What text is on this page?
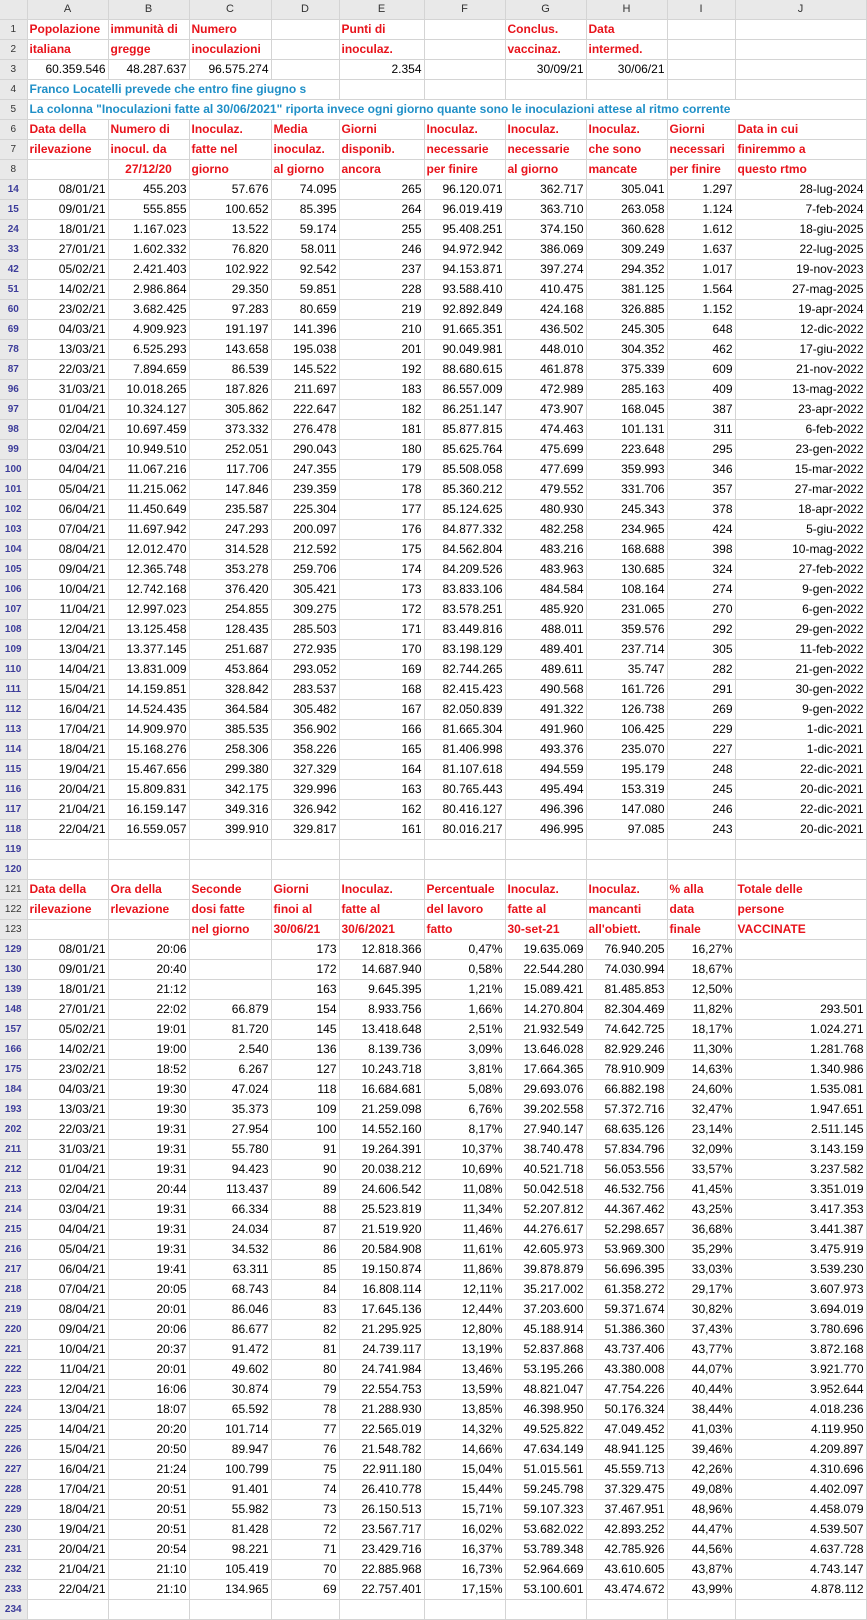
	A	B	C	D	E	F	G	H	I	J
1	Popolazione	immunità di	Numero		Punti di		Conclus.	Data		
2	italiana	gregge	inoculazioni		inoculaz.		vaccinaz.	intermed.		
3	60.359.546	48.287.637	96.575.274		2.354		30/09/21	30/06/21		
4	Franco Locatelli prevede che entro fine giugno s									
5	La colonna "Inoculazioni fatte al 30/06/2021" riporta invece ogni giorno quante sono le inoculazioni attese al ritmo corrente									
6	Data della	Numero di	Inoculaz.	Media	Giorni	Inoculaz.	Inoculaz.	Inoculaz.	Giorni	Data in cui
7	rilevazione	inocul. da	fatte nel	inoculaz.	disponib.	necessarie	necessarie	che sono	necessari	finiremmo a
8		27/12/20	giorno	al giorno	ancora	per finire	al giorno	mancate	per finire	questo rtmo
14	08/01/21	455.203	57.676	74.095	265	96.120.071	362.717	305.041	1.297	28-lug-2024
15	09/01/21	555.855	100.652	85.395	264	96.019.419	363.710	263.058	1.124	7-feb-2024
24	18/01/21	1.167.023	13.522	59.174	255	95.408.251	374.150	360.628	1.612	18-giu-2025
33	27/01/21	1.602.332	76.820	58.011	246	94.972.942	386.069	309.249	1.637	22-lug-2025
42	05/02/21	2.421.403	102.922	92.542	237	94.153.871	397.274	294.352	1.017	19-nov-2023
51	14/02/21	2.986.864	29.350	59.851	228	93.588.410	410.475	381.125	1.564	27-mag-2025
60	23/02/21	3.682.425	97.283	80.659	219	92.892.849	424.168	326.885	1.152	19-apr-2024
69	04/03/21	4.909.923	191.197	141.396	210	91.665.351	436.502	245.305	648	12-dic-2022
78	13/03/21	6.525.293	143.658	195.038	201	90.049.981	448.010	304.352	462	17-giu-2022
87	22/03/21	7.894.659	86.539	145.522	192	88.680.615	461.878	375.339	609	21-nov-2022
96	31/03/21	10.018.265	187.826	211.697	183	86.557.009	472.989	285.163	409	13-mag-2022
97	01/04/21	10.324.127	305.862	222.647	182	86.251.147	473.907	168.045	387	23-apr-2022
98	02/04/21	10.697.459	373.332	276.478	181	85.877.815	474.463	101.131	311	6-feb-2022
99	03/04/21	10.949.510	252.051	290.043	180	85.625.764	475.699	223.648	295	23-gen-2022
100	04/04/21	11.067.216	117.706	247.355	179	85.508.058	477.699	359.993	346	15-mar-2022
101	05/04/21	11.215.062	147.846	239.359	178	85.360.212	479.552	331.706	357	27-mar-2022
102	06/04/21	11.450.649	235.587	225.304	177	85.124.625	480.930	245.343	378	18-apr-2022
103	07/04/21	11.697.942	247.293	200.097	176	84.877.332	482.258	234.965	424	5-giu-2022
104	08/04/21	12.012.470	314.528	212.592	175	84.562.804	483.216	168.688	398	10-mag-2022
105	09/04/21	12.365.748	353.278	259.706	174	84.209.526	483.963	130.685	324	27-feb-2022
106	10/04/21	12.742.168	376.420	305.421	173	83.833.106	484.584	108.164	274	9-gen-2022
107	11/04/21	12.997.023	254.855	309.275	172	83.578.251	485.920	231.065	270	6-gen-2022
108	12/04/21	13.125.458	128.435	285.503	171	83.449.816	488.011	359.576	292	29-gen-2022
109	13/04/21	13.377.145	251.687	272.935	170	83.198.129	489.401	237.714	305	11-feb-2022
110	14/04/21	13.831.009	453.864	293.052	169	82.744.265	489.611	35.747	282	21-gen-2022
111	15/04/21	14.159.851	328.842	283.537	168	82.415.423	490.568	161.726	291	30-gen-2022
112	16/04/21	14.524.435	364.584	305.482	167	82.050.839	491.322	126.738	269	9-gen-2022
113	17/04/21	14.909.970	385.535	356.902	166	81.665.304	491.960	106.425	229	1-dic-2021
114	18/04/21	15.168.276	258.306	358.226	165	81.406.998	493.376	235.070	227	1-dic-2021
115	19/04/21	15.467.656	299.380	327.329	164	81.107.618	494.559	195.179	248	22-dic-2021
116	20/04/21	15.809.831	342.175	329.996	163	80.765.443	495.494	153.319	245	20-dic-2021
117	21/04/21	16.159.147	349.316	326.942	162	80.416.127	496.396	147.080	246	22-dic-2021
118	22/04/21	16.559.057	399.910	329.817	161	80.016.217	496.995	97.085	243	20-dic-2021
119										
120										
121	Data della	Ora della	Seconde	Giorni	Inoculaz.	Percentuale	Inoculaz.	Inoculaz.	% alla	Totale delle
122	rilevazione	rlevazione	dosi fatte	finoi al	fatte al	del lavoro	fatte al	mancanti	data	persone
123			nel giorno	30/06/21	30/6/2021	fatto	30-set-21	all'obiett.	finale	VACCINATE
129	08/01/21	20:06		173	12.818.366	0,47%	19.635.069	76.940.205	16,27%	
130	09/01/21	20:40		172	14.687.940	0,58%	22.544.280	74.030.994	18,67%	
139	18/01/21	21:12		163	9.645.395	1,21%	15.089.421	81.485.853	12,50%	
148	27/01/21	22:02	66.879	154	8.933.756	1,66%	14.270.804	82.304.469	11,82%	293.501
157	05/02/21	19:01	81.720	145	13.418.648	2,51%	21.932.549	74.642.725	18,17%	1.024.271
166	14/02/21	19:00	2.540	136	8.139.736	3,09%	13.646.028	82.929.246	11,30%	1.281.768
175	23/02/21	18:52	6.267	127	10.243.718	3,81%	17.664.365	78.910.909	14,63%	1.340.986
184	04/03/21	19:30	47.024	118	16.684.681	5,08%	29.693.076	66.882.198	24,60%	1.535.081
193	13/03/21	19:30	35.373	109	21.259.098	6,76%	39.202.558	57.372.716	32,47%	1.947.651
202	22/03/21	19:31	27.954	100	14.552.160	8,17%	27.940.147	68.635.126	23,14%	2.511.145
211	31/03/21	19:31	55.780	91	19.264.391	10,37%	38.740.478	57.834.796	32,09%	3.143.159
212	01/04/21	19:31	94.423	90	20.038.212	10,69%	40.521.718	56.053.556	33,57%	3.237.582
213	02/04/21	20:44	113.437	89	24.606.542	11,08%	50.042.518	46.532.756	41,45%	3.351.019
214	03/04/21	19:31	66.334	88	25.523.819	11,34%	52.207.812	44.367.462	43,25%	3.417.353
215	04/04/21	19:31	24.034	87	21.519.920	11,46%	44.276.617	52.298.657	36,68%	3.441.387
216	05/04/21	19:31	34.532	86	20.584.908	11,61%	42.605.973	53.969.300	35,29%	3.475.919
217	06/04/21	19:41	63.311	85	19.150.874	11,86%	39.878.879	56.696.395	33,03%	3.539.230
218	07/04/21	20:05	68.743	84	16.808.114	12,11%	35.217.002	61.358.272	29,17%	3.607.973
219	08/04/21	20:01	86.046	83	17.645.136	12,44%	37.203.600	59.371.674	30,82%	3.694.019
220	09/04/21	20:06	86.677	82	21.295.925	12,80%	45.188.914	51.386.360	37,43%	3.780.696
221	10/04/21	20:37	91.472	81	24.739.117	13,19%	52.837.868	43.737.406	43,77%	3.872.168
222	11/04/21	20:01	49.602	80	24.741.984	13,46%	53.195.266	43.380.008	44,07%	3.921.770
223	12/04/21	16:06	30.874	79	22.554.753	13,59%	48.821.047	47.754.226	40,44%	3.952.644
224	13/04/21	18:07	65.592	78	21.288.930	13,85%	46.398.950	50.176.324	38,44%	4.018.236
225	14/04/21	20:20	101.714	77	22.565.019	14,32%	49.525.822	47.049.452	41,03%	4.119.950
226	15/04/21	20:50	89.947	76	21.548.782	14,66%	47.634.149	48.941.125	39,46%	4.209.897
227	16/04/21	21:24	100.799	75	22.911.180	15,04%	51.015.561	45.559.713	42,26%	4.310.696
228	17/04/21	20:51	91.401	74	26.410.778	15,44%	59.245.798	37.329.475	49,08%	4.402.097
229	18/04/21	20:51	55.982	73	26.150.513	15,71%	59.107.323	37.467.951	48,96%	4.458.079
230	19/04/21	20:51	81.428	72	23.567.717	16,02%	53.682.022	42.893.252	44,47%	4.539.507
231	20/04/21	20:54	98.221	71	23.429.716	16,37%	53.789.348	42.785.926	44,56%	4.637.728
232	21/04/21	21:10	105.419	70	22.885.968	16,73%	52.964.669	43.610.605	43,87%	4.743.147
233	22/04/21	21:10	134.965	69	22.757.401	17,15%	53.100.601	43.474.672	43,99%	4.878.112
234										
